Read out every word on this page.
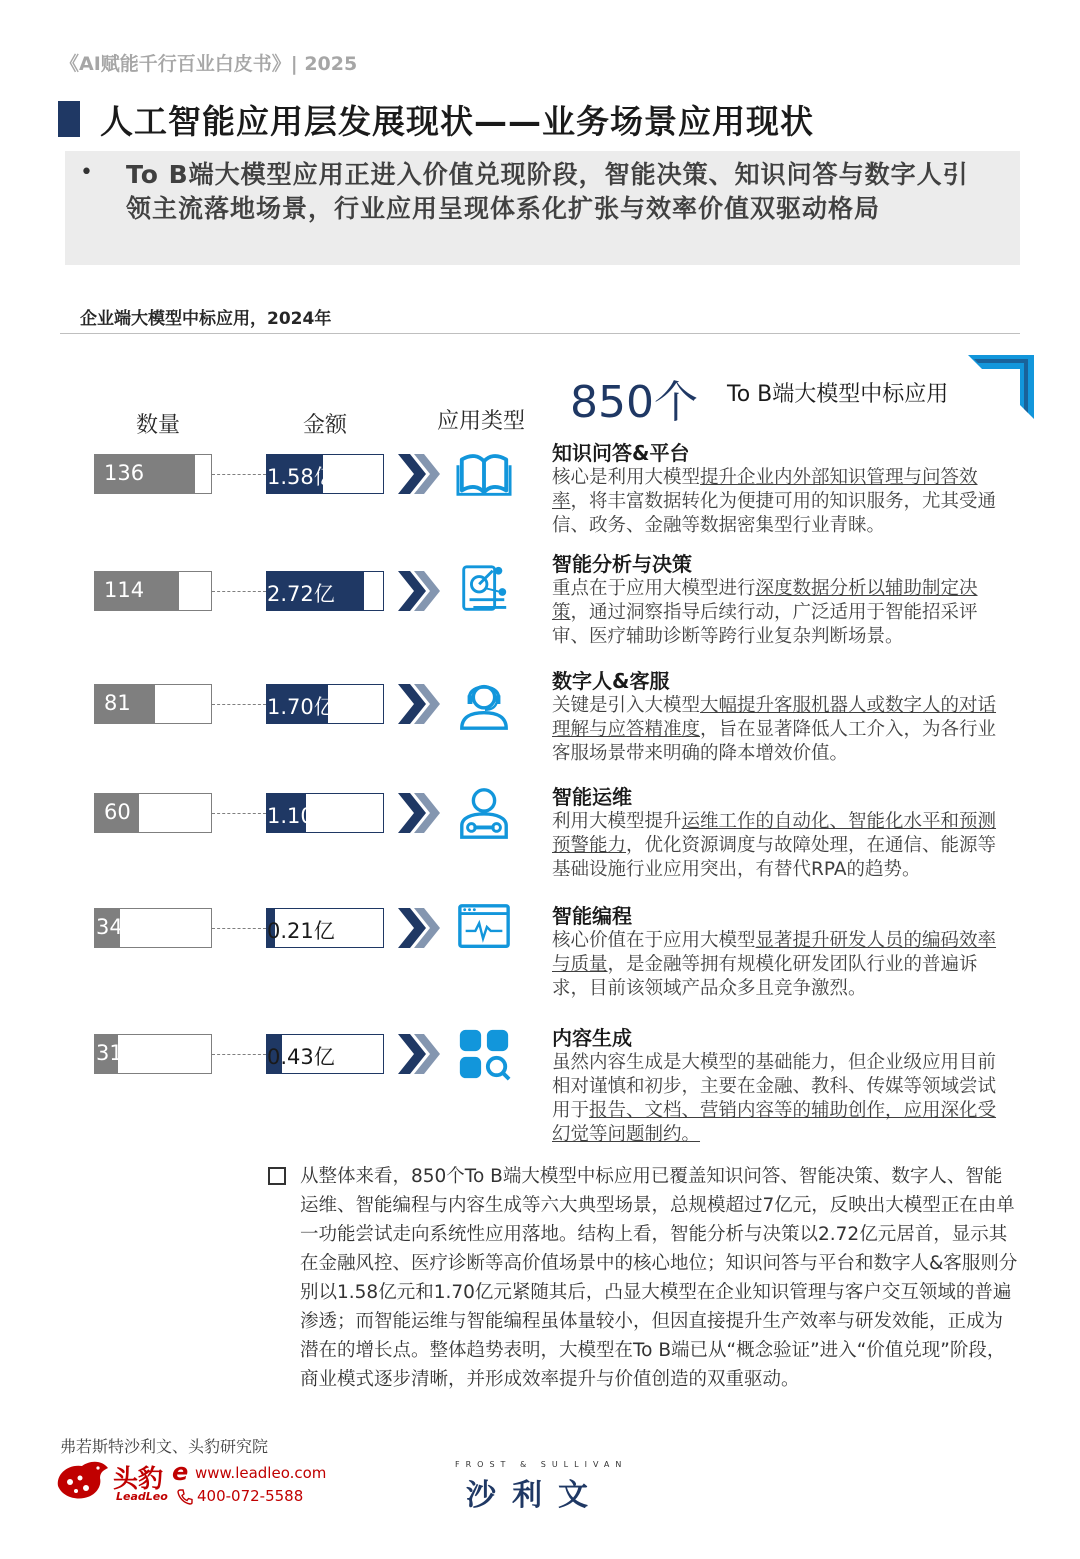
《AI赋能千行百业白皮书》| 2025
人工智能应用层发展现状——业务场景应用现状
• To B端大模型应用正进入价值兑现阶段，智能决策、知识问答与数字人引领主流落地场景，行业应用呈现体系化扩张与效率价值双驱动格局
企业端大模型中标应用，2024年
数量	金额	应用类型 850个 To B端大模型中标应用
136	1.58亿
114	2.72亿
81	1.70亿
60	1.10亿
34	0.21亿
31	0.43亿
知识问答&平台
核心是利用大模型提升企业内外部知识管理与问答效率，将丰富数据转化为便捷可用的知识服务，尤其受通信、政务、金融等数据密集型行业青睐。
智能分析与决策
重点在于应用大模型进行深度数据分析以辅助制定决策，通过洞察指导后续行动，广泛适用于智能招采评审、医疗辅助诊断等跨行业复杂判断场景。
数字人&客服
关键是引入大模型大幅提升客服机器人或数字人的对话理解与应答精准度，旨在显著降低人工介入，为各行业客服场景带来明确的降本增效价值。
智能运维
利用大模型提升运维工作的自动化、智能化水平和预测预警能力，优化资源调度与故障处理，在通信、能源等基础设施行业应用突出，有替代RPA的趋势。
智能编程
核心价值在于应用大模型显著提升研发人员的编码效率与质量，是金融等拥有规模化研发团队行业的普遍诉求，目前该领域产品众多且竞争激烈。
内容生成
虽然内容生成是大模型的基础能力，但企业级应用目前相对谨慎和初步，主要在金融、教科、传媒等领域尝试用于报告、文档、营销内容等的辅助创作，应用深化受幻觉等问题制约。
从整体来看，850个To B端大模型中标应用已覆盖知识问答、智能决策、数字人、智能运维、智能编程与内容生成等六大典型场景，总规模超过7亿元，反映出大模型正在由单一功能尝试走向系统性应用落地。结构上看，智能分析与决策以2.72亿元居首，显示其在金融风控、医疗诊断等高价值场景中的核心地位；知识问答与平台和数字人&客服则分别以1.58亿元和1.70亿元紧随其后，凸显大模型在企业知识管理与客户交互领域的普遍渗透；而智能运维与智能编程虽体量较小，但因直接提升生产效率与研发效能，正成为潜在的增长点。整体趋势表明，大模型在To B端已从“概念验证”进入“价值兑现”阶段，商业模式逐步清晰，并形成效率提升与价值创造的双重驱动。
弗若斯特沙利文、头豹研究院
头豹
LeadLeo
e www.leadleo.com
400-072-5588
FROST & SULLIVAN
沙利文
